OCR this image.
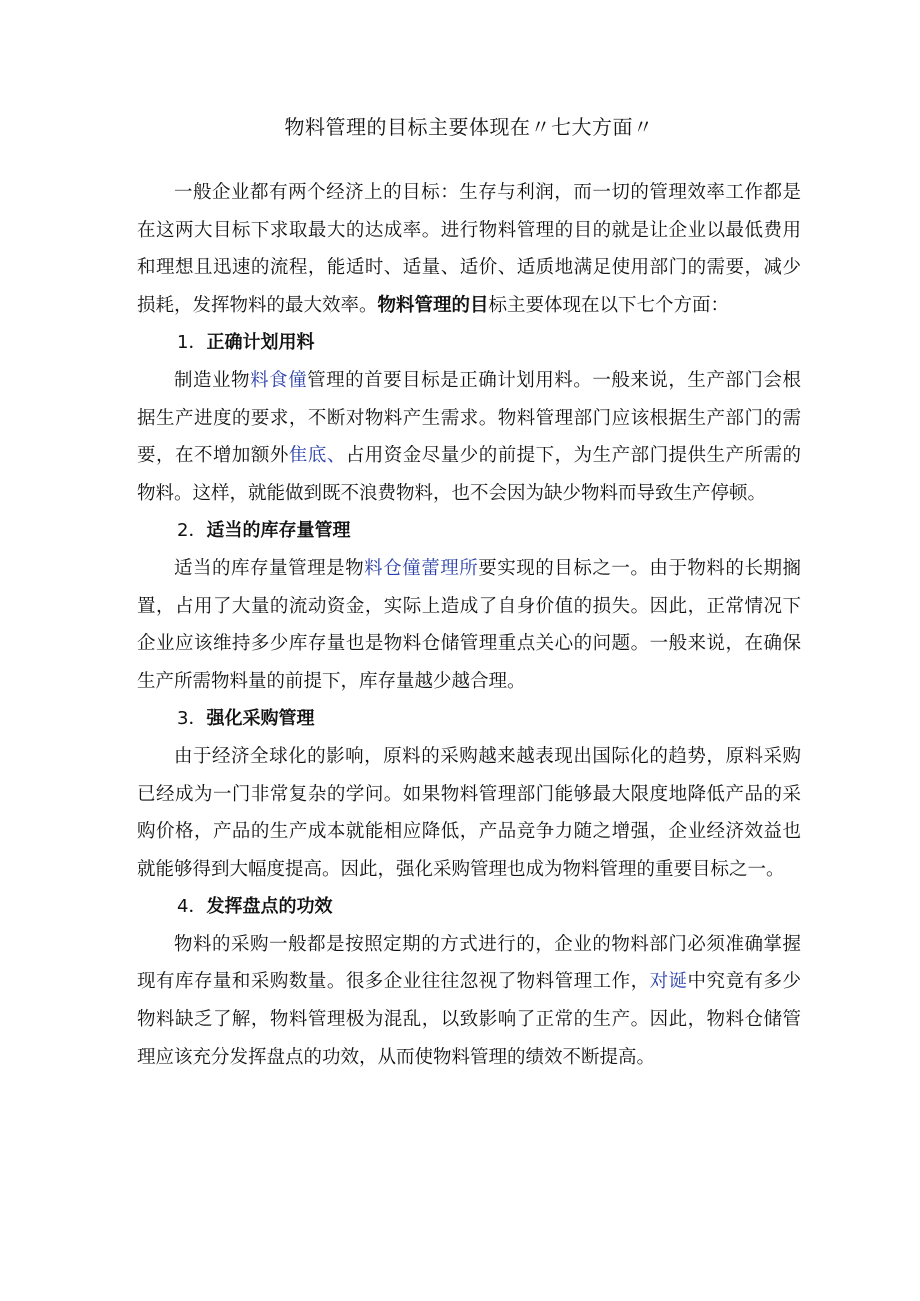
物料管理的目标主要体现在〃七大方面〃

一般企业都有两个经济上的目标：生存与利润，而一切的管理效率工作都是在这两大目标下求取最大的达成率。进行物料管理的目的就是让企业以最低费用和理想且迅速的流程，能适时、适量、适价、适质地满足使用部门的需要，减少损耗，发挥物料的最大效率。物料管理的目标主要体现在以下七个方面：

1．正确计划用料

制造业物料食僮管理的首要目标是正确计划用料。一般来说，生产部门会根据生产进度的要求，不断对物料产生需求。物料管理部门应该根据生产部门的需要，在不增加额外隹底、占用资金尽量少的前提下，为生产部门提供生产所需的物料。这样，就能做到既不浪费物料，也不会因为缺少物料而导致生产停顿。

2．适当的库存量管理

适当的库存量管理是物料仓僮蕾理所要实现的目标之一。由于物料的长期搁置，占用了大量的流动资金，实际上造成了自身价值的损失。因此，正常情况下企业应该维持多少库存量也是物料仓储管理重点关心的问题。一般来说，在确保生产所需物料量的前提下，库存量越少越合理。

3．强化采购管理

由于经济全球化的影响，原料的采购越来越表现出国际化的趋势，原料采购已经成为一门非常复杂的学问。如果物料管理部门能够最大限度地降低产品的采购价格，产品的生产成本就能相应降低，产品竞争力随之增强，企业经济效益也就能够得到大幅度提高。因此，强化采购管理也成为物料管理的重要目标之一。

4．发挥盘点的功效

物料的采购一般都是按照定期的方式进行的，企业的物料部门必须准确掌握现有库存量和采购数量。很多企业往往忽视了物料管理工作，对诞中究竟有多少物料缺乏了解，物料管理极为混乱，以致影响了正常的生产。因此，物料仓储管理应该充分发挥盘点的功效，从而使物料管理的绩效不断提高。
